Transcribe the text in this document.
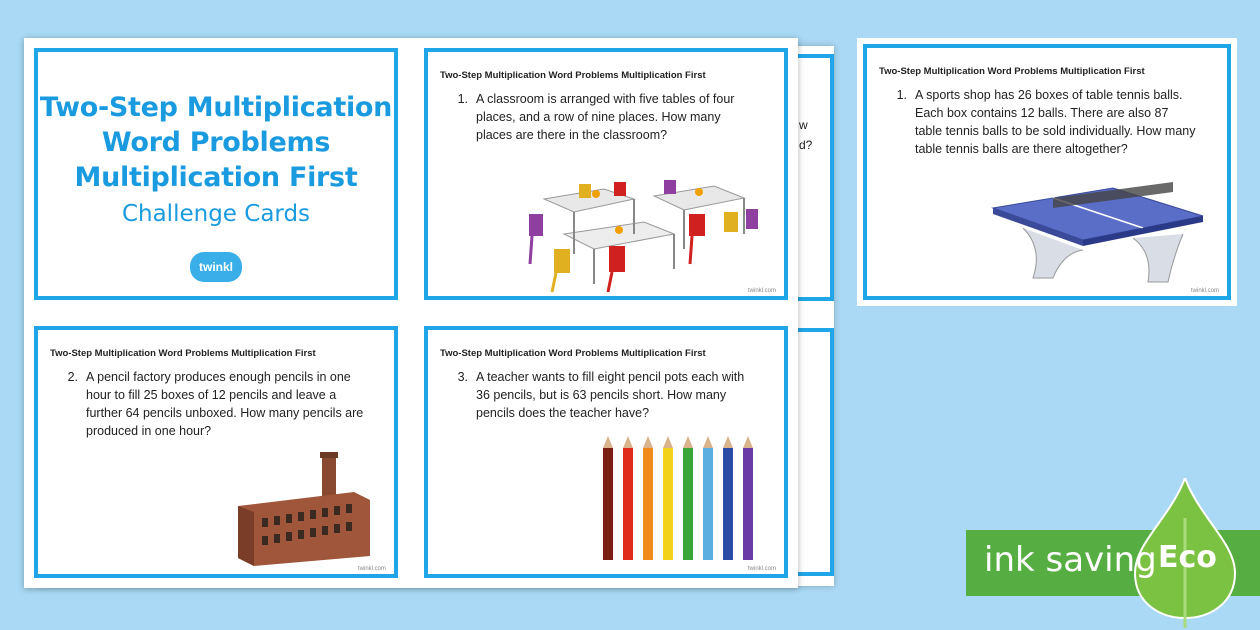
w
d?
Two-Step Multiplication
Word Problems
Multiplication First
Challenge Cards
twinkl
Two-Step Multiplication Word Problems Multiplication First
1. A classroom is arranged with five tables of four places, and a row of nine places. How many places are there in the classroom?
twinkl.com
Two-Step Multiplication Word Problems Multiplication First
2. A pencil factory produces enough pencils in one hour to fill 25 boxes of 12 pencils and leave a further 64 pencils unboxed. How many pencils are produced in one hour?
twinkl.com
Two-Step Multiplication Word Problems Multiplication First
3. A teacher wants to fill eight pencil pots each with 36 pencils, but is 63 pencils short. How many pencils does the teacher have?
twinkl.com
Two-Step Multiplication Word Problems Multiplication First
1. A sports shop has 26 boxes of table tennis balls. Each box contains 12 balls. There are also 87 table tennis balls to be sold individually. How many table tennis balls are there altogether?
twinkl.com
ink saving Eco
